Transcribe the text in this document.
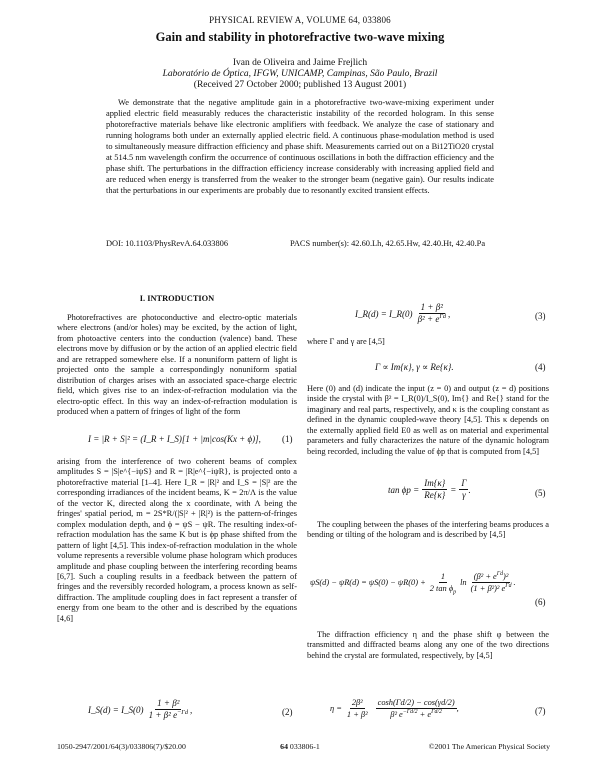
PHYSICAL REVIEW A, VOLUME 64, 033806
Gain and stability in photorefractive two-wave mixing
Ivan de Oliveira and Jaime Frejlich
Laboratório de Óptica, IFGW, UNICAMP, Campinas, São Paulo, Brazil
(Received 27 October 2000; published 13 August 2001)
We demonstrate that the negative amplitude gain in a photorefractive two-wave-mixing experiment under applied electric field measurably reduces the characteristic instability of the recorded hologram. In this sense photorefractive materials behave like electronic amplifiers with feedback. We analyze the case of stationary and running holograms both under an externally applied electric field. A continuous phase-modulation method is used to simultaneously measure diffraction efficiency and phase shift. Measurements carried out on a Bi12TiO20 crystal at 514.5 nm wavelength confirm the occurrence of continuous oscillations in both the diffraction efficiency and the phase shift. The perturbations in the diffraction efficiency increase considerably with increasing applied field and are reduced when energy is transferred from the weaker to the stronger beam (negative gain). Our results indicate that the perturbations in our experiments are probably due to resonantly excited transient effects.
DOI: 10.1103/PhysRevA.64.033806	PACS number(s): 42.60.Lh, 42.65.Hw, 42.40.Ht, 42.40.Pa
I. INTRODUCTION
Photorefractives are photoconductive and electro-optic materials where electrons (and/or holes) may be excited, by the action of light, from photoactive centers into the conduction (valence) band. These electrons move by diffusion or by the action of an applied electric field and are retrapped somewhere else. If a nonuniform pattern of light is projected onto the sample a correspondingly nonuniform spatial distribution of charges arises with an associated space-charge electric field, which gives rise to an index-of-refraction modulation via the electro-optic effect. In this way an index-of-refraction modulation is produced when a pattern of fringes of light of the form
I = |R + S|² = (I_R + I_S)[1 + |m|cos(Kx + ϕ)], (1)
arising from the interference of two coherent beams of complex amplitudes S = |S|e^{−iψS} and R = |R|e^{−iψR}, is projected onto a photorefractive material [1–4]. Here I_R = |R|² and I_S = |S|² are the corresponding irradiances of the incident beams, K = 2π/Λ is the value of the vector K, directed along the x coordinate, with Λ being the fringes' spatial period, m = 2S*R/(|S|² + |R|²) is the pattern-of-fringes complex modulation depth, and ϕ = ψS − ψR. The resulting index-of-refraction modulation has the same K but is ϕp phase shifted from the pattern of light [4,5]. This index-of-refraction modulation in the whole volume represents a reversible volume phase hologram which produces amplitude and phase coupling between the interfering recording beams [6,7]. Such a coupling results in a feedback between the pattern of fringes and the reversibly recorded hologram, a process known as self-diffraction. The amplitude coupling does in fact represent a transfer of energy from one beam to the other and is described by the equations [4,6]
I_S(d) = I_S(0) $\frac{\text{1 + β²}}{1 + \beta^2 e^{-\Gamma d}}$ ,	(2)
I_R(d) = I_R(0) $\frac{\text{1 + β²}}{\beta^2 + e^{\Gamma d}}$ ,	(3)
where Γ and γ are [4,5]
Γ ∝ Im{κ}, γ ∝ Re{κ}.	(4)
Here (0) and (d) indicate the input (z = 0) and output (z = d) positions inside the crystal with β² = I_R(0)/I_S(0), Im{} and Re{} stand for the imaginary and real parts, respectively, and κ is the coupling constant as defined in the dynamic coupled-wave theory [4,5]. This κ depends on the externally applied field E0 as well as on material and experimental parameters and fully characterizes the nature of the dynamic hologram being recorded, including the value of ϕp that is computed from [4,5]
$\tan \phi p = \frac{Im\{\kappa\}}{Re\{\kappa\}} = \frac{\Gamma}{\gamma}$ .	(5)
The coupling between the phases of the interfering beams produces a bending or tilting of the hologram and is described by [4,5]
$\psi S(d) - \psi R(d) = \psi S(0) - \psi R(0) + \frac{1}{2 \tan \phi_p}$ $\ln \frac{(\beta^2 + e^{\Gamma d})^2}{(1 + \beta^2)^2 e^{\Gamma d}}$ .
(6)
The diffraction efficiency η and the phase shift φ between the transmitted and diffracted beams along any one of the two directions behind the crystal are formulated, respectively, by [4,5]
$\eta = \frac{\text{2β²}}{\text{1 + β²}} \frac{\cosh(\Gamma d/2) - \cos(\gamma d/2)}{\beta^2 e^{-\Gamma d/2} + e^{\Gamma d/2}}$ ,	(7)
1050-2947/2001/64(3)/033806(7)/$20.00	64 033806-1	©2001 The American Physical Society
